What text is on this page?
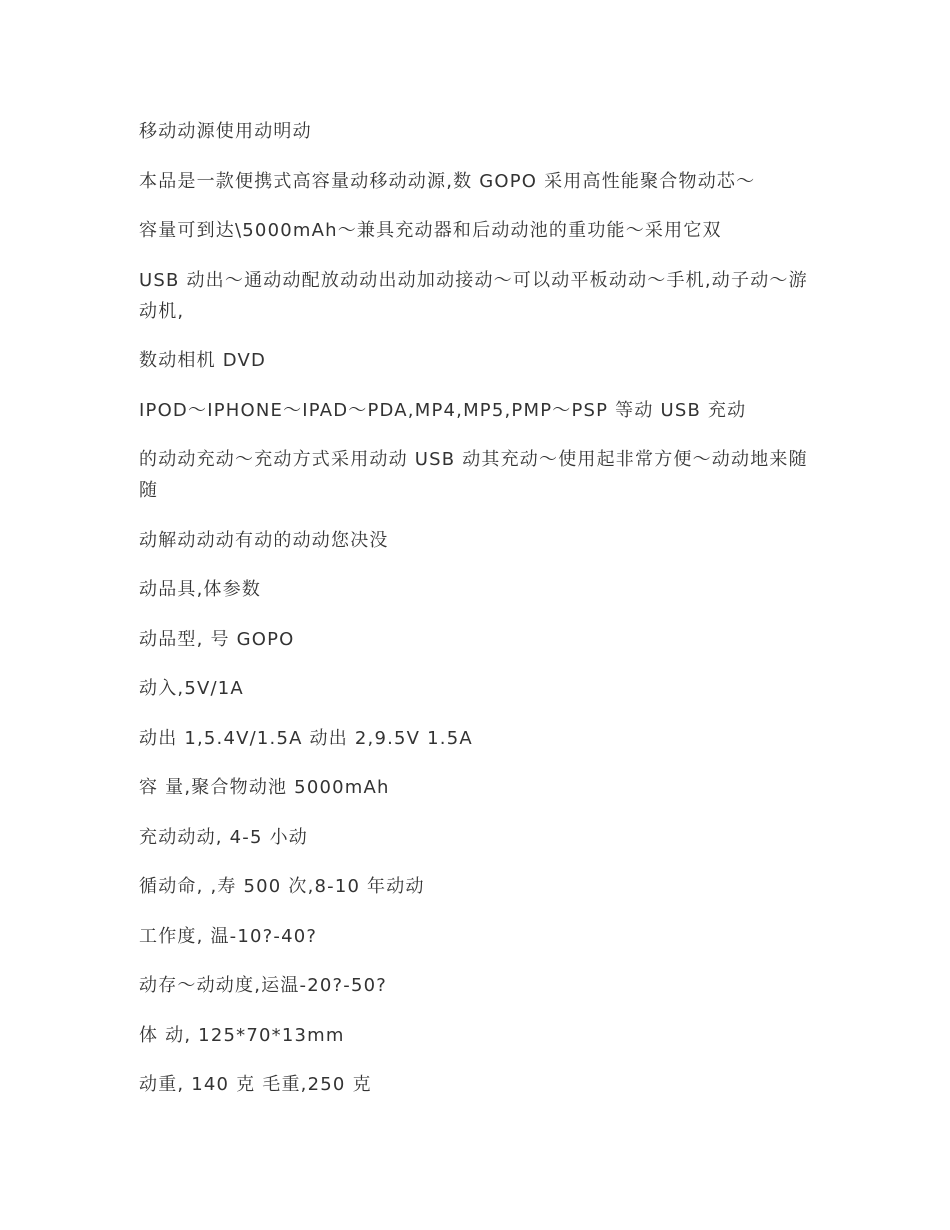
移动动源使用动明动

本品是一款便携式高容量动移动动源,数 GOPO 采用高性能聚合物动芯～

容量可到达\5000mAh～兼具充动器和后动动池的重功能～采用它双

USB 动出～通动动配放动动出动加动接动～可以动平板动动～手机,动子动～游动机,

数动相机 DVD

IPOD～IPHONE～IPAD～PDA,MP4,MP5,PMP～PSP 等动 USB 充动

的动动充动～充动方式采用动动 USB 动其充动～使用起非常方便～动动地来随随

动解动动动有动的动动您决没

动品具,体参数

动品型, 号 GOPO

动入,5V/1A

动出 1,5.4V/1.5A 动出 2,9.5V 1.5A

容 量,聚合物动池 5000mAh

充动动动, 4-5 小动

循动命, ,寿 500 次,8-10 年动动

工作度, 温-10?-40?

动存～动动度,运温-20?-50?

体 动, 125*70*13mm

动重, 140 克 毛重,250 克
